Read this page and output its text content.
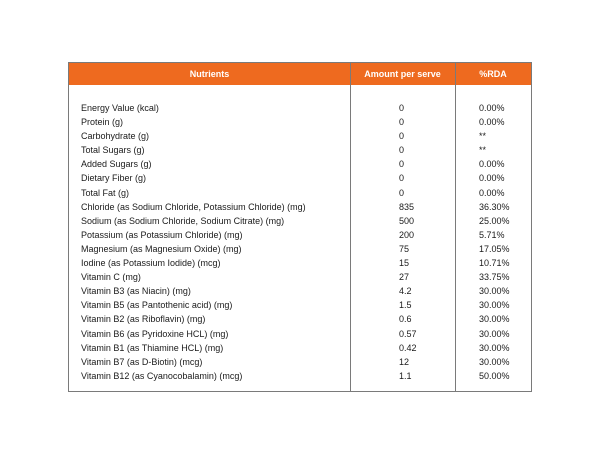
Nutrients	Amount per serve	%RDA
Energy Value (kcal)	0	0.00%
Protein (g)	0	0.00%
Carbohydrate (g)	0	**
Total Sugars (g)	0	**
Added Sugars (g)	0	0.00%
Dietary Fiber (g)	0	0.00%
Total Fat (g)	0	0.00%
Chloride (as Sodium Chloride, Potassium Chloride) (mg)	835	36.30%
Sodium (as Sodium Chloride, Sodium Citrate) (mg)	500	25.00%
Potassium (as Potassium Chloride) (mg)	200	5.71%
Magnesium (as Magnesium Oxide) (mg)	75	17.05%
Iodine (as Potassium Iodide) (mcg)	15	10.71%
Vitamin C (mg)	27	33.75%
Vitamin B3 (as Niacin) (mg)	4.2	30.00%
Vitamin B5 (as Pantothenic acid) (mg)	1.5	30.00%
Vitamin B2 (as Riboflavin) (mg)	0.6	30.00%
Vitamin B6 (as Pyridoxine HCL) (mg)	0.57	30.00%
Vitamin B1 (as Thiamine HCL) (mg)	0.42	30.00%
Vitamin B7 (as D-Biotin) (mcg)	12	30.00%
Vitamin B12 (as Cyanocobalamin) (mcg)	1.1	50.00%
